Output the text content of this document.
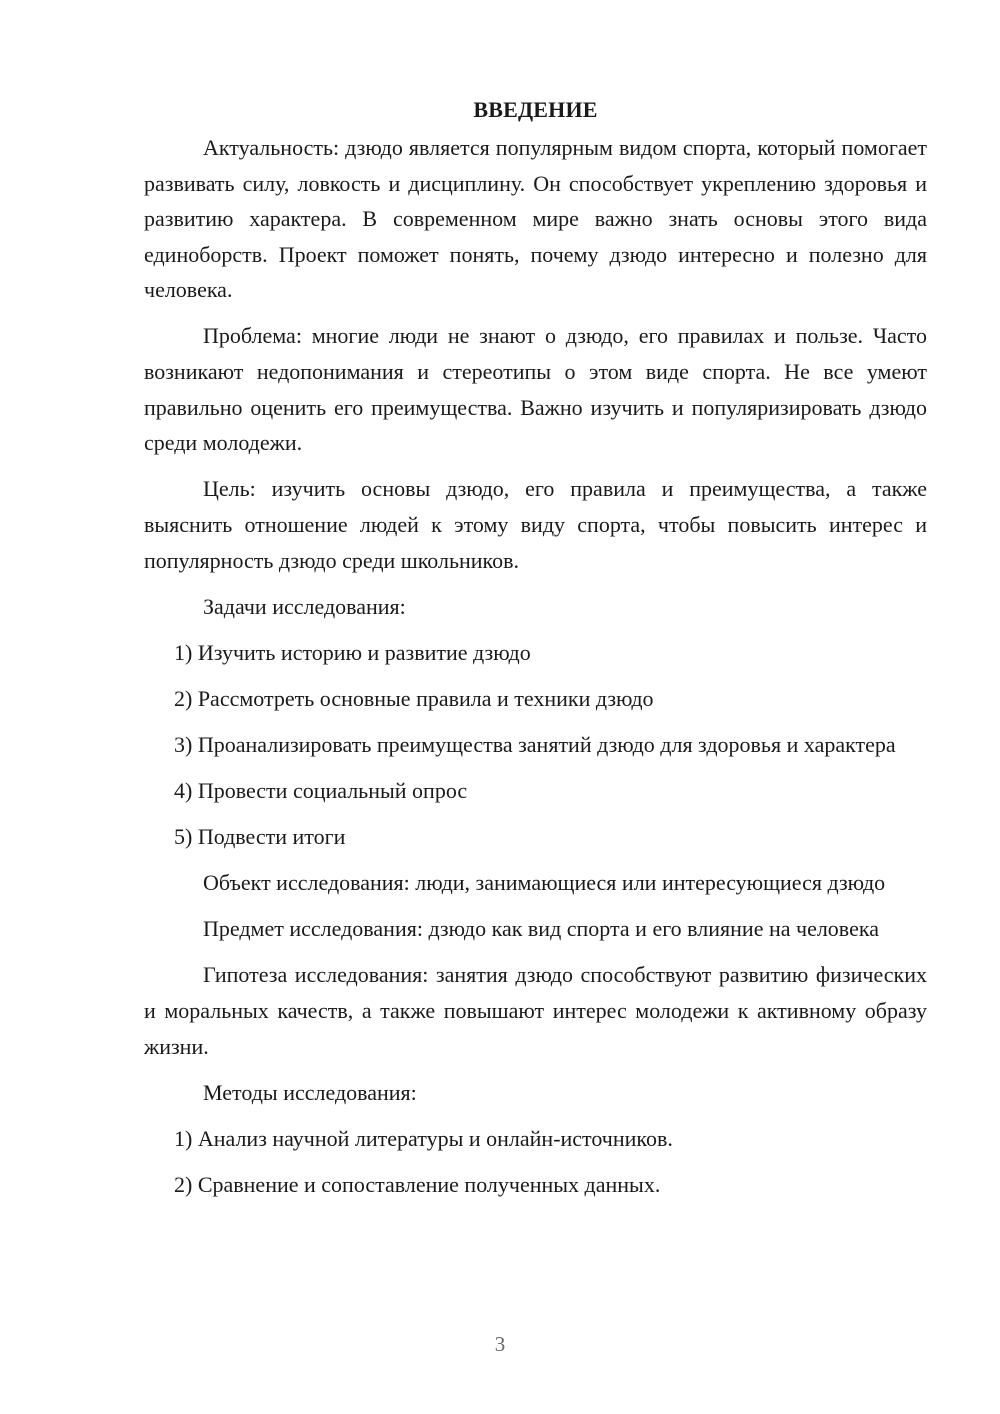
ВВЕДЕНИЕ

Актуальность: дзюдо является популярным видом спорта, который помогает развивать силу, ловкость и дисциплину. Он способствует укреплению здоровья и развитию характера. В современном мире важно знать основы этого вида единоборств. Проект поможет понять, почему дзюдо интересно и полезно для человека.

Проблема: многие люди не знают о дзюдо, его правилах и пользе. Часто возникают недопонимания и стереотипы о этом виде спорта. Не все умеют правильно оценить его преимущества. Важно изучить и популяризировать дзюдо среди молодежи.

Цель: изучить основы дзюдо, его правила и преимущества, а также выяснить отношение людей к этому виду спорта, чтобы повысить интерес и популярность дзюдо среди школьников.

Задачи исследования:

1) Изучить историю и развитие дзюдо

2) Рассмотреть основные правила и техники дзюдо

3) Проанализировать преимущества занятий дзюдо для здоровья и характера

4) Провести социальный опрос

5) Подвести итоги

Объект исследования: люди, занимающиеся или интересующиеся дзюдо

Предмет исследования: дзюдо как вид спорта и его влияние на человека

Гипотеза исследования: занятия дзюдо способствуют развитию физических и моральных качеств, а также повышают интерес молодежи к активному образу жизни.

Методы исследования:

1) Анализ научной литературы и онлайн-источников.

2) Сравнение и сопоставление полученных данных.

3
